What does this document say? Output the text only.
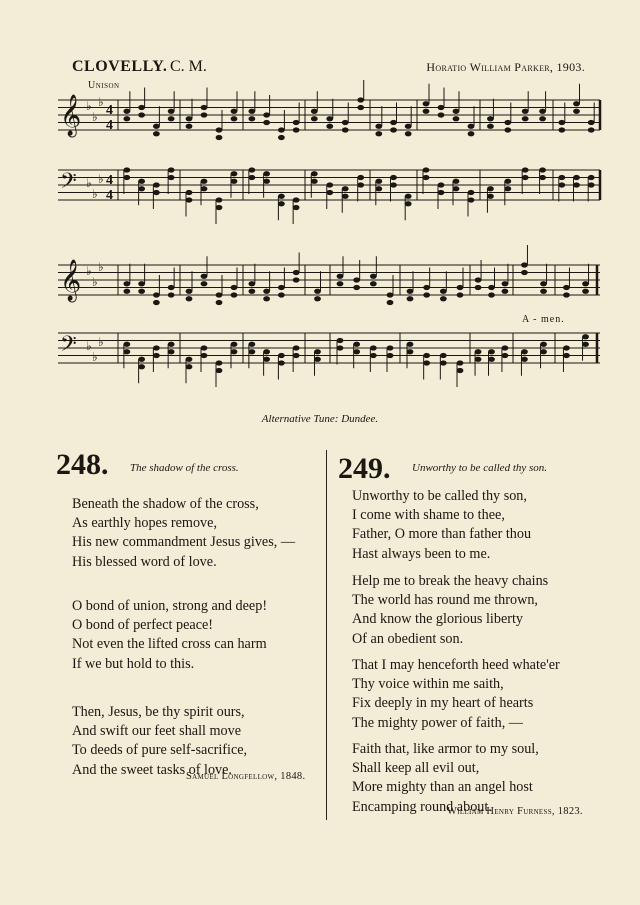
𝄞 ♭
♭
♭
4
4
𝄢 ♭
♭
♭ 4
4
𝄞 ♭
♭
♭
𝄢 ♭
♭
♭
CLOVELLY. C. M.	Horatio William Parker, 1903.
Unison
A - men.
Alternative Tune: Dundee.
248. The shadow of the cross.
Beneath the shadow of the cross,
As earthly hopes remove,
His new commandment Jesus gives, —
His blessed word of love.
O bond of union, strong and deep!
O bond of perfect peace!
Not even the lifted cross can harm
If we but hold to this.
Then, Jesus, be thy spirit ours,
And swift our feet shall move
To deeds of pure self-sacrifice,
And the sweet tasks of love.
Samuel Longfellow, 1848.
249. Unworthy to be called thy son.
Unworthy to be called thy son,
I come with shame to thee,
Father, O more than father thou
Hast always been to me.
Help me to break the heavy chains
The world has round me thrown,
And know the glorious liberty
Of an obedient son.
That I may henceforth heed whate'er
Thy voice within me saith,
Fix deeply in my heart of hearts
The mighty power of faith, —
Faith that, like armor to my soul,
Shall keep all evil out,
More mighty than an angel host
Encamping round about.
William Henry Furness, 1823.
